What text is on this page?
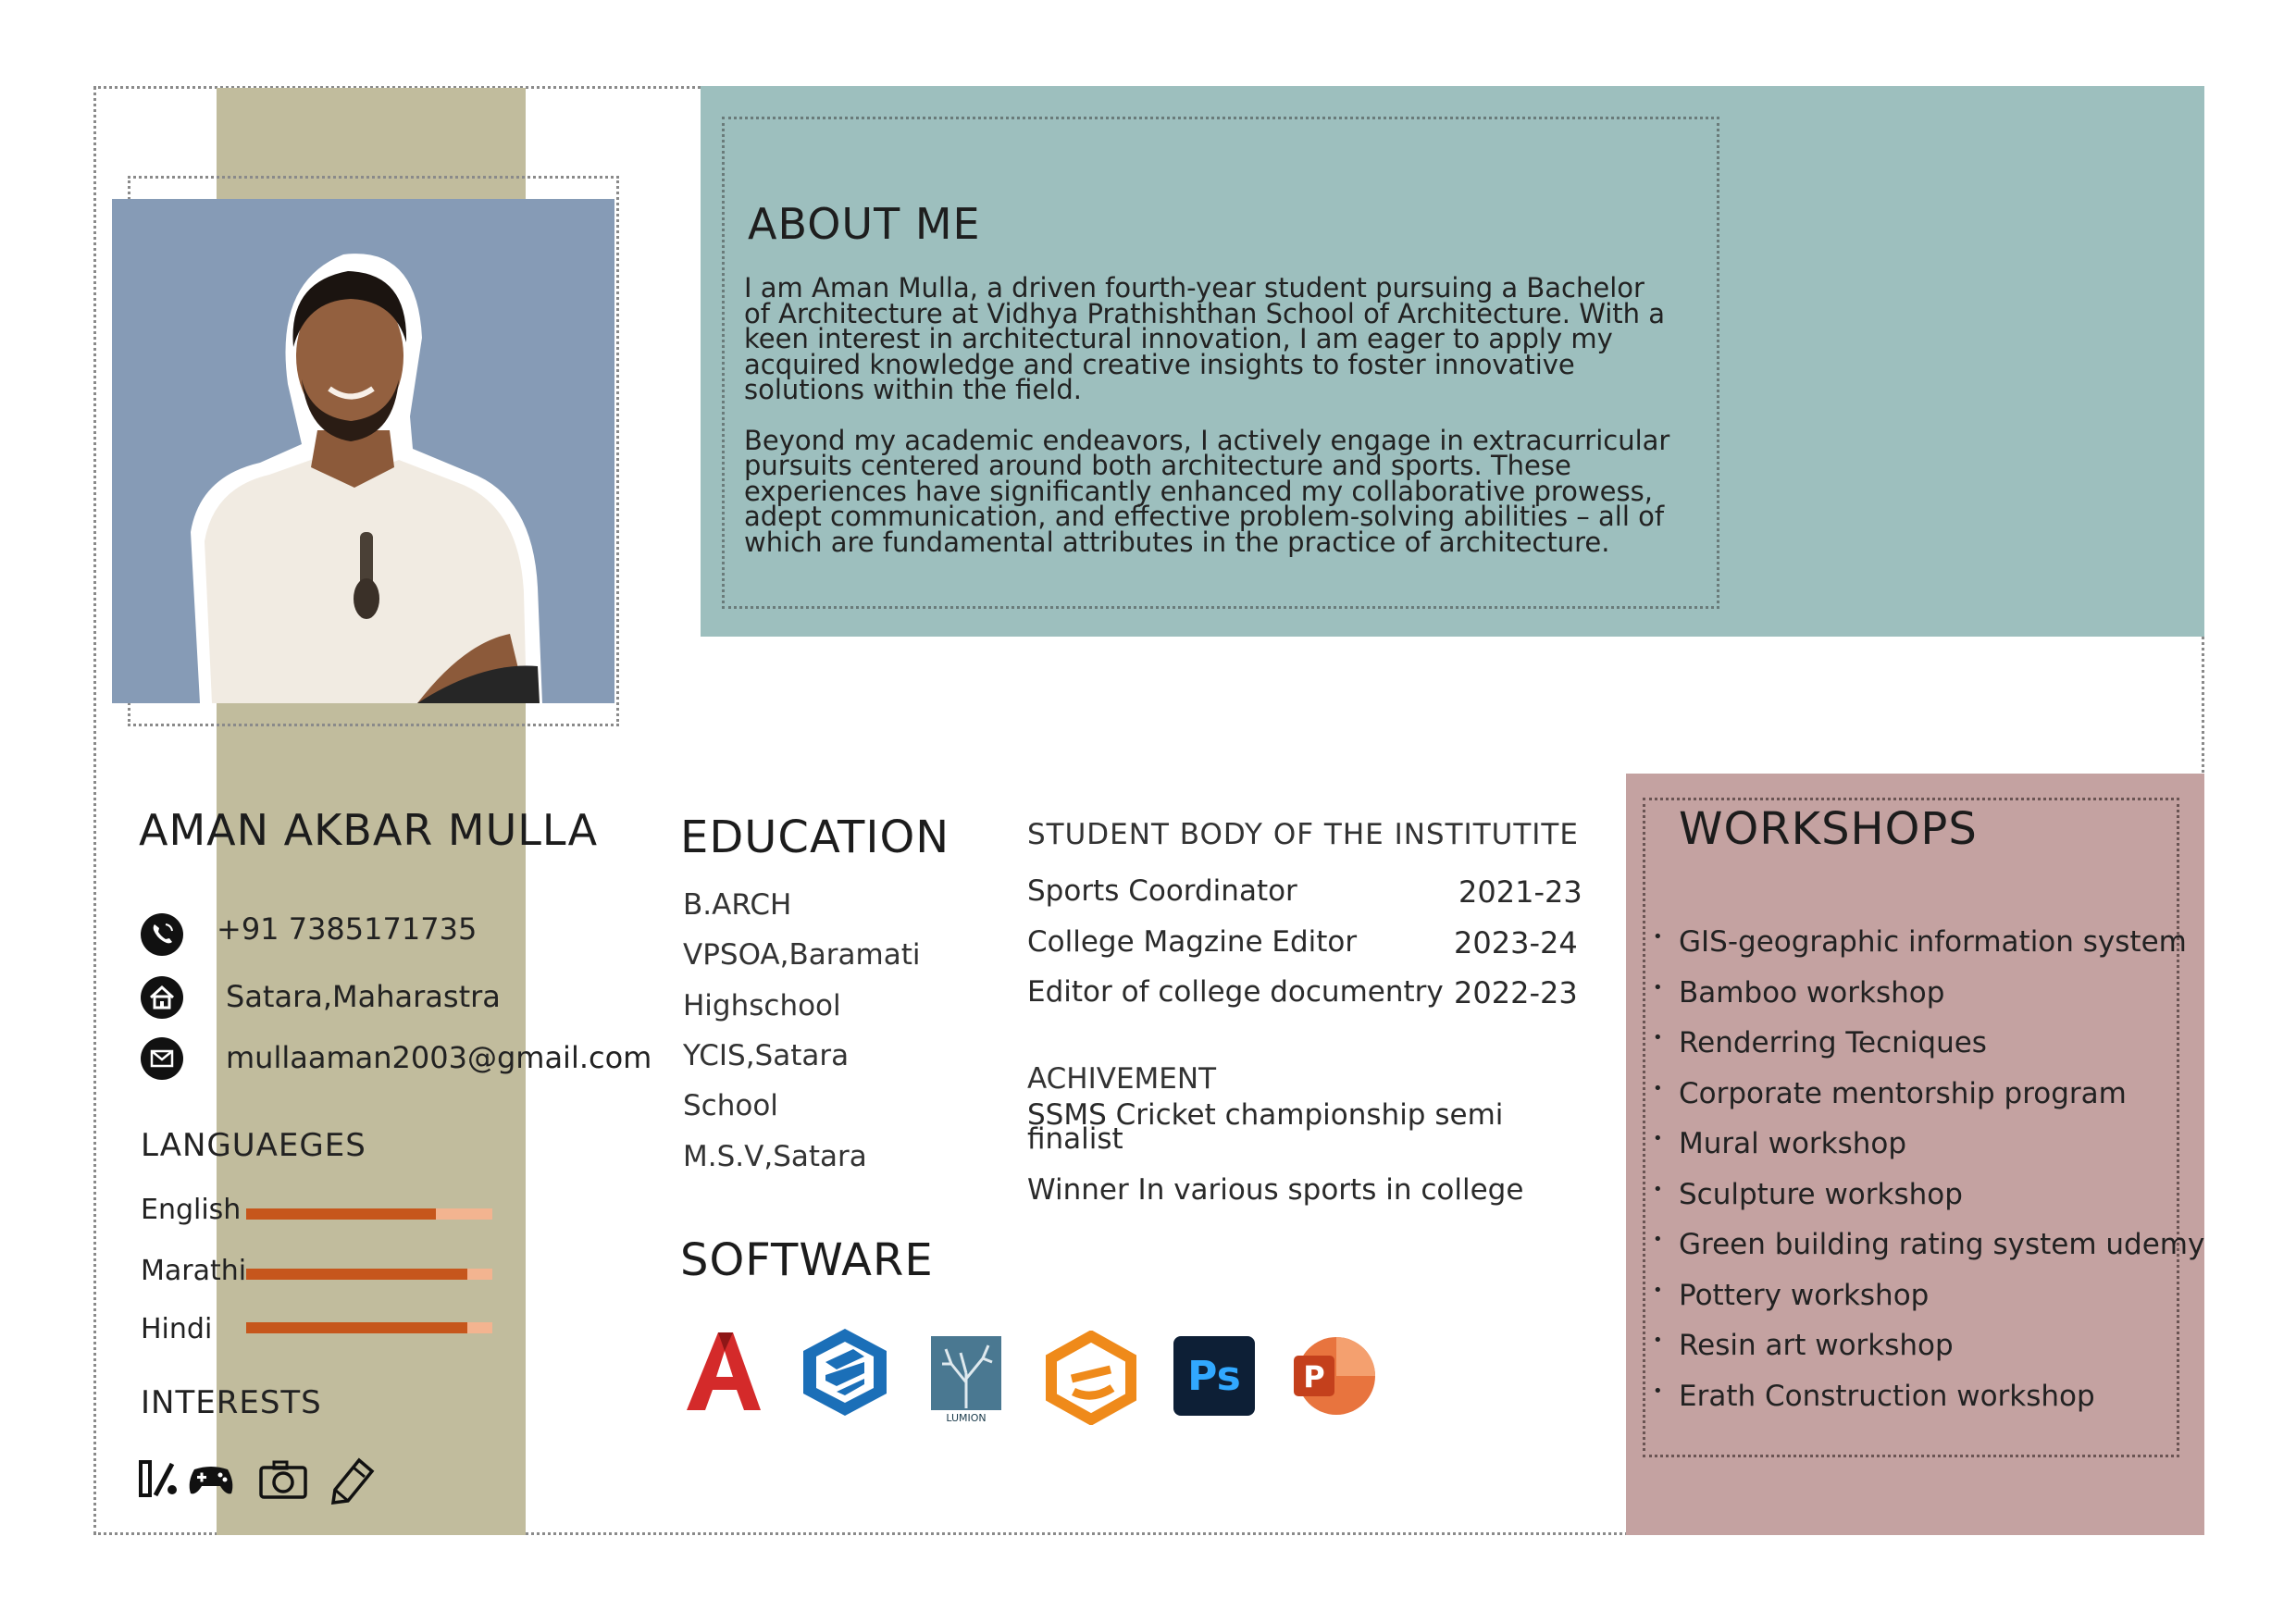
ABOUT ME

I am Aman Mulla, a driven fourth-year student pursuing a Bachelor of Architecture at Vidhya Prathishthan School of Architecture. With a keen interest in architectural innovation, I am eager to apply my acquired knowledge and creative insights to foster innovative solutions within the field.

Beyond my academic endeavors, I actively engage in extracurricular pursuits centered around both architecture and sports. These experiences have significantly enhanced my collaborative prowess, adept communication, and effective problem-solving abilities – all of which are fundamental attributes in the practice of architecture.

AMAN AKBAR MULLA
+91 7385171735
Satara,Maharastra
mullaaman2003@gmail.com
LANGUAEGES
English
Marathi
Hindi
INTERESTS
EDUCATION
B.ARCH
VPSOA,Baramati
Highschool
YCIS,Satara
School
M.S.V,Satara
SOFTWARE
LUMION
Ps P
STUDENT BODY OF THE INSTITUTITE
Sports Coordinator	2021-23
College Magzine Editor	2023-24
Editor of college documentry 2022-23
ACHIVEMENT
SSMS Cricket championship semi finalist
Winner In various sports in college
WORKSHOPS
• GIS-geographic information system
• Bamboo workshop
• Renderring Tecniques
• Corporate mentorship program
• Mural workshop
• Sculpture workshop
• Green building rating system udemy
• Pottery workshop
• Resin art workshop
• Erath Construction workshop
